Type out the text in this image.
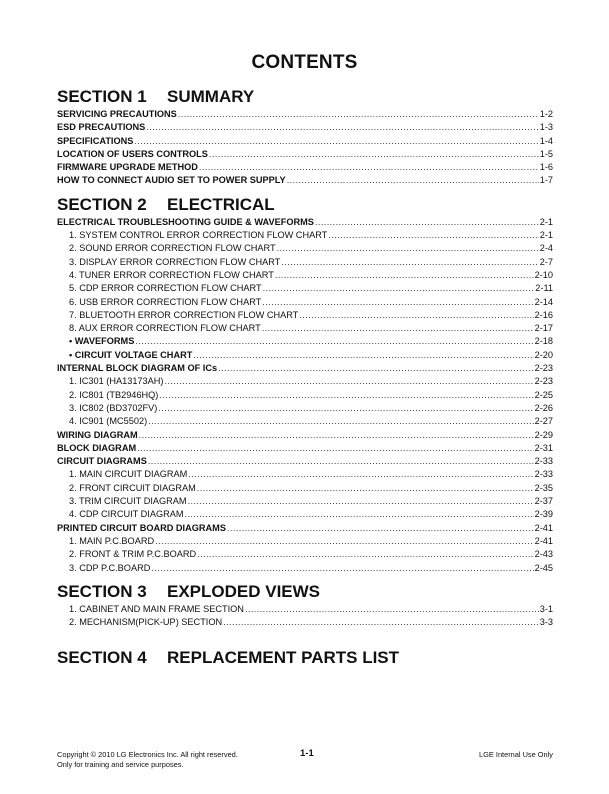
CONTENTS
SECTION 1 SUMMARY
SERVICING PRECAUTIONS .....	1-2
ESD PRECAUTIONS .....	1-3
SPECIFICATIONS .....	1-4
LOCATION OF USERS CONTROLS .....	1-5
FIRMWARE UPGRADE METHOD .....	1-6
HOW TO CONNECT AUDIO SET TO POWER SUPPLY .....	1-7
SECTION 2 ELECTRICAL
ELECTRICAL TROUBLESHOOTING GUIDE & WAVEFORMS .....	2-1
1. SYSTEM CONTROL ERROR CORRECTION FLOW CHART .....	2-1
2. SOUND ERROR CORRECTION FLOW CHART .....	2-4
3. DISPLAY ERROR CORRECTION FLOW CHART .....	2-7
4. TUNER ERROR CORRECTION FLOW CHART .....	2-10
5. CDP ERROR CORRECTION FLOW CHART .....	2-11
6. USB ERROR CORRECTION FLOW CHART .....	2-14
7. BLUETOOTH ERROR CORRECTION FLOW CHART .....	2-16
8. AUX ERROR CORRECTION FLOW CHART .....	2-17
• WAVEFORMS .....	2-18
• CIRCUIT VOLTAGE CHART .....	2-20
INTERNAL BLOCK DIAGRAM OF ICs .....	2-23
1. IC301 (HA13173AH) .....	2-23
2. IC801 (TB2946HQ) .....	2-25
3. IC802 (BD3702FV) .....	2-26
4. IC901 (MC5502) .....	2-27
WIRING DIAGRAM .....	2-29
BLOCK DIAGRAM .....	2-31
CIRCUIT DIAGRAMS .....	2-33
1. MAIN CIRCUIT DIAGRAM .....	2-33
2. FRONT CIRCUIT DIAGRAM .....	2-35
3. TRIM CIRCUIT DIAGRAM .....	2-37
4. CDP CIRCUIT DIAGRAM .....	2-39
PRINTED CIRCUIT BOARD DIAGRAMS .....	2-41
1. MAIN P.C.BOARD .....	2-41
2. FRONT & TRIM P.C.BOARD .....	2-43
3. CDP P.C.BOARD .....	2-45
SECTION 3 EXPLODED VIEWS
1. CABINET AND MAIN FRAME SECTION .....	3-1
2. MECHANISM(PICK-UP) SECTION .....	3-3
SECTION 4 REPLACEMENT PARTS LIST
Copyright © 2010 LG Electronics Inc. All right reserved.
Only for training and service purposes.
1-1	LGE Internal Use Only
